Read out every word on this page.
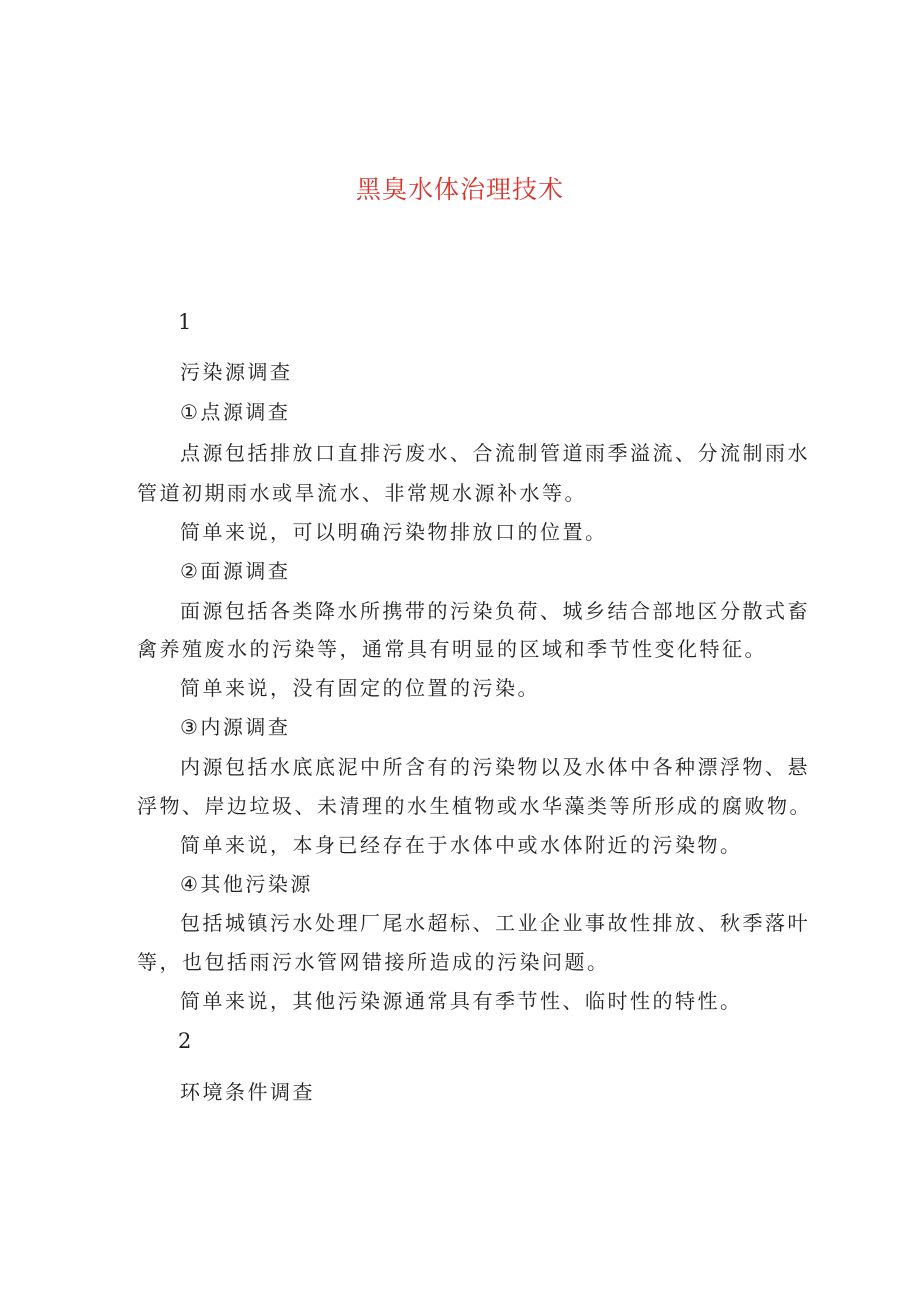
黑臭水体治理技术
1
污染源调查
①点源调查
点源包括排放口直排污废水、合流制管道雨季溢流、分流制雨水
管道初期雨水或旱流水、非常规水源补水等。
简单来说，可以明确污染物排放口的位置。
②面源调查
面源包括各类降水所携带的污染负荷、城乡结合部地区分散式畜
禽养殖废水的污染等，通常具有明显的区域和季节性变化特征。
简单来说，没有固定的位置的污染。
③内源调查
内源包括水底底泥中所含有的污染物以及水体中各种漂浮物、悬
浮物、岸边垃圾、未清理的水生植物或水华藻类等所形成的腐败物。
简单来说，本身已经存在于水体中或水体附近的污染物。
④其他污染源
包括城镇污水处理厂尾水超标、工业企业事故性排放、秋季落叶
等，也包括雨污水管网错接所造成的污染问题。
简单来说，其他污染源通常具有季节性、临时性的特性。
2
环境条件调查
